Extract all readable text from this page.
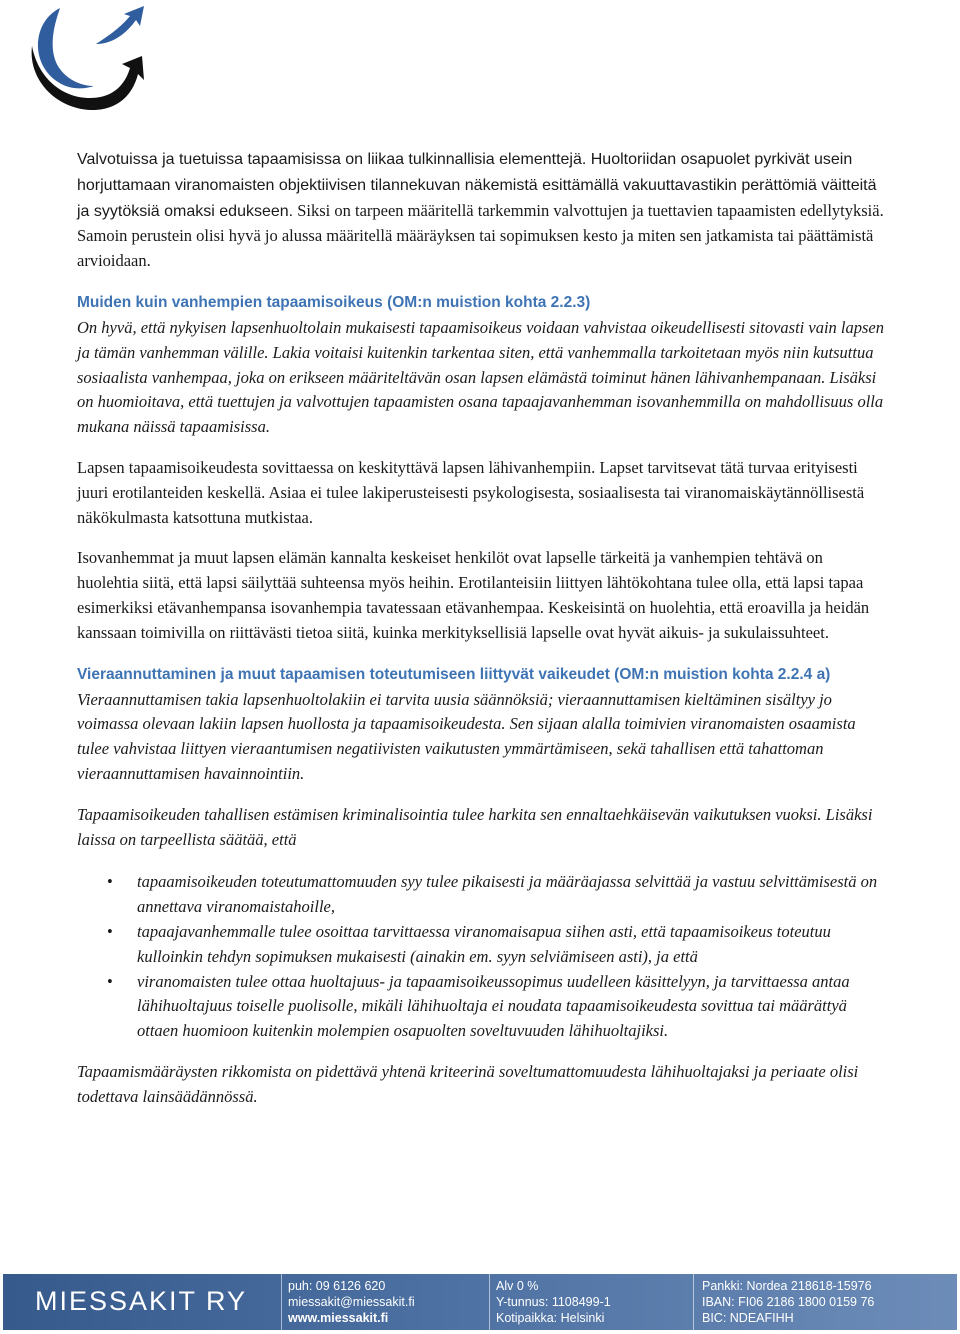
Valvotuissa ja tuetuissa tapaamisissa on liikaa tulkinnallisia elementtejä. Huoltoriidan osapuolet pyrkivät usein horjuttamaan viranomaisten objektiivisen tilannekuvan näkemistä esittämällä vakuuttavastikin perättömiä väitteitä ja syytöksiä omaksi edukseen. Siksi on tarpeen määritellä tarkemmin valvottujen ja tuettavien tapaamisten edellytyksiä. Samoin perustein olisi hyvä jo alussa määritellä määräyksen tai sopimuksen kesto ja miten sen jatkamista tai päättämistä arvioidaan.

Muiden kuin vanhempien tapaamisoikeus (OM:n muistion kohta 2.2.3)

On hyvä, että nykyisen lapsenhuoltolain mukaisesti tapaamisoikeus voidaan vahvistaa oikeudellisesti sitovasti vain lapsen ja tämän vanhemman välille. Lakia voitaisi kuitenkin tarkentaa siten, että vanhemmalla tarkoitetaan myös niin kutsuttua sosiaalista vanhempaa, joka on erikseen määriteltävän osan lapsen elämästä toiminut hänen lähivanhempanaan. Lisäksi on huomioitava, että tuettujen ja valvottujen tapaamisten osana tapaajavanhemman isovanhemmilla on mahdollisuus olla mukana näissä tapaamisissa.

Lapsen tapaamisoikeudesta sovittaessa on keskityttävä lapsen lähivanhempiin. Lapset tarvitsevat tätä turvaa erityisesti juuri erotilanteiden keskellä. Asiaa ei tulee lakiperusteisesti psykologisesta, sosiaalisesta tai viranomaiskäytännöllisestä näkökulmasta katsottuna mutkistaa.

Isovanhemmat ja muut lapsen elämän kannalta keskeiset henkilöt ovat lapselle tärkeitä ja vanhempien tehtävä on huolehtia siitä, että lapsi säilyttää suhteensa myös heihin. Erotilanteisiin liittyen lähtökohtana tulee olla, että lapsi tapaa esimerkiksi etävanhempansa isovanhempia tavatessaan etävanhempaa. Keskeisintä on huolehtia, että eroavilla ja heidän kanssaan toimivilla on riittävästi tietoa siitä, kuinka merkityksellisiä lapselle ovat hyvät aikuis- ja sukulaissuhteet.

Vieraannuttaminen ja muut tapaamisen toteutumiseen liittyvät vaikeudet (OM:n muistion kohta 2.2.4 a)

Vieraannuttamisen takia lapsenhuoltolakiin ei tarvita uusia säännöksiä; vieraannuttamisen kieltäminen sisältyy jo voimassa olevaan lakiin lapsen huollosta ja tapaamisoikeudesta. Sen sijaan alalla toimivien viranomaisten osaamista tulee vahvistaa liittyen vieraantumisen negatiivisten vaikutusten ymmärtämiseen, sekä tahallisen että tahattoman vieraannuttamisen havainnointiin.

Tapaamisoikeuden tahallisen estämisen kriminalisointia tulee harkita sen ennaltaehkäisevän vaikutuksen vuoksi. Lisäksi laissa on tarpeellista säätää, että

• tapaamisoikeuden toteutumattomuuden syy tulee pikaisesti ja määräajassa selvittää ja vastuu selvittämisestä on annettava viranomaistahoille,
• tapaajavanhemmalle tulee osoittaa tarvittaessa viranomaisapua siihen asti, että tapaamisoikeus toteutuu kulloinkin tehdyn sopimuksen mukaisesti (ainakin em. syyn selviämiseen asti), ja että
• viranomaisten tulee ottaa huoltajuus- ja tapaamisoikeussopimus uudelleen käsittelyyn, ja tarvittaessa antaa lähihuoltajuus toiselle puolisolle, mikäli lähihuoltaja ei noudata tapaamisoikeudesta sovittua tai määrättyä ottaen huomioon kuitenkin molempien osapuolten soveltuvuuden lähihuoltajiksi.

Tapaamismääräysten rikkomista on pidettävä yhtenä kriteerinä soveltumattomuudesta lähihuoltajaksi ja periaate olisi todettava lainsäädännössä.

MIESSAKIT RY	puh: 09 6126 620
miessakit@miessakit.fi
www.miessakit.fi
Alv 0 %
Y-tunnus: 1108499-1
Kotipaikka: Helsinki
Pankki: Nordea 218618-15976
IBAN: FI06 2186 1800 0159 76
BIC: NDEAFIHH
